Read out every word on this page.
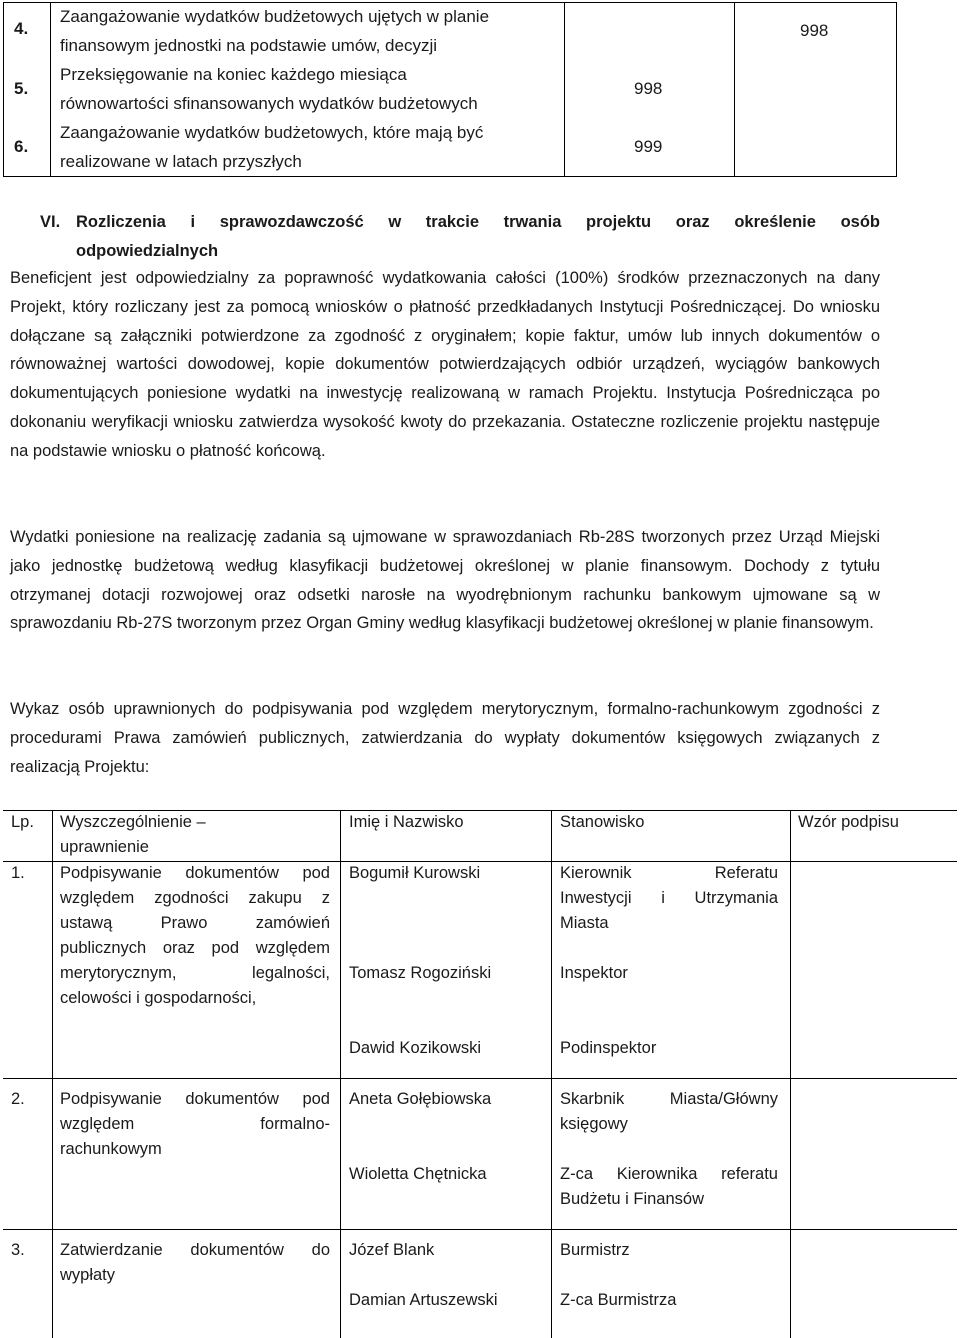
4.
Zaangażowanie wydatków budżetowych ujętych w planie
finansowym jednostki na podstawie umów, decyzji
5.
Przeksięgowanie na koniec każdego miesiąca
równowartości sfinansowanych wydatków budżetowych
6.
Zaangażowanie wydatków budżetowych, które mają być
realizowane w latach przyszłych
998
999
998
VI. Rozliczenia i sprawozdawczość w trakcie trwania projektu oraz określenie osób
odpowiedzialnych

Beneficjent jest odpowiedzialny za poprawność wydatkowania całości (100%) środków przeznaczonych na dany Projekt, który rozliczany jest za pomocą wniosków o płatność przedkładanych Instytucji Pośredniczącej. Do wniosku dołączane są załączniki potwierdzone za zgodność z oryginałem; kopie faktur, umów lub innych dokumentów o równoważnej wartości dowodowej, kopie dokumentów potwierdzających odbiór urządzeń, wyciągów bankowych dokumentujących poniesione wydatki na inwestycję realizowaną w ramach Projektu. Instytucja Pośrednicząca po dokonaniu weryfikacji wniosku zatwierdza wysokość kwoty do przekazania. Ostateczne rozliczenie projektu następuje na podstawie wniosku o płatność końcową.

Wydatki poniesione na realizację zadania są ujmowane w sprawozdaniach Rb-28S tworzonych przez Urząd Miejski jako jednostkę budżetową według klasyfikacji budżetowej określonej w planie finansowym. Dochody z tytułu otrzymanej dotacji rozwojowej oraz odsetki narosłe na wyodrębnionym rachunku bankowym ujmowane są w sprawozdaniu Rb-27S tworzonym przez Organ Gminy według klasyfikacji budżetowej określonej w planie finansowym.

Wykaz osób uprawnionych do podpisywania pod względem merytorycznym, formalno-rachunkowym zgodności z procedurami Prawa zamówień publicznych, zatwierdzania do wypłaty dokumentów księgowych związanych z realizacją Projektu:

Lp. Wyszczególnienie –
uprawnienie
Imię i Nazwisko	Stanowisko	Wzór podpisu
1. Podpisywanie dokumentów pod
względem zgodności zakupu z
ustawą Prawo zamówień
publicznych oraz pod względem
merytorycznym, legalności,
celowości i gospodarności,
Bogumił Kurowski
Tomasz Rogoziński
Dawid Kozikowski
Kierownik Referatu
Inwestycji i Utrzymania
Miasta
Inspektor
Podinspektor
2. Podpisywanie dokumentów pod
względem formalno-
rachunkowym
Aneta Gołębiowska
Wioletta Chętnicka
Skarbnik Miasta/Główny
księgowy
Z-ca Kierownika referatu
Budżetu i Finansów
3. Zatwierdzanie dokumentów do
wypłaty
Józef Blank
Damian Artuszewski
Burmistrz
Z-ca Burmistrza
